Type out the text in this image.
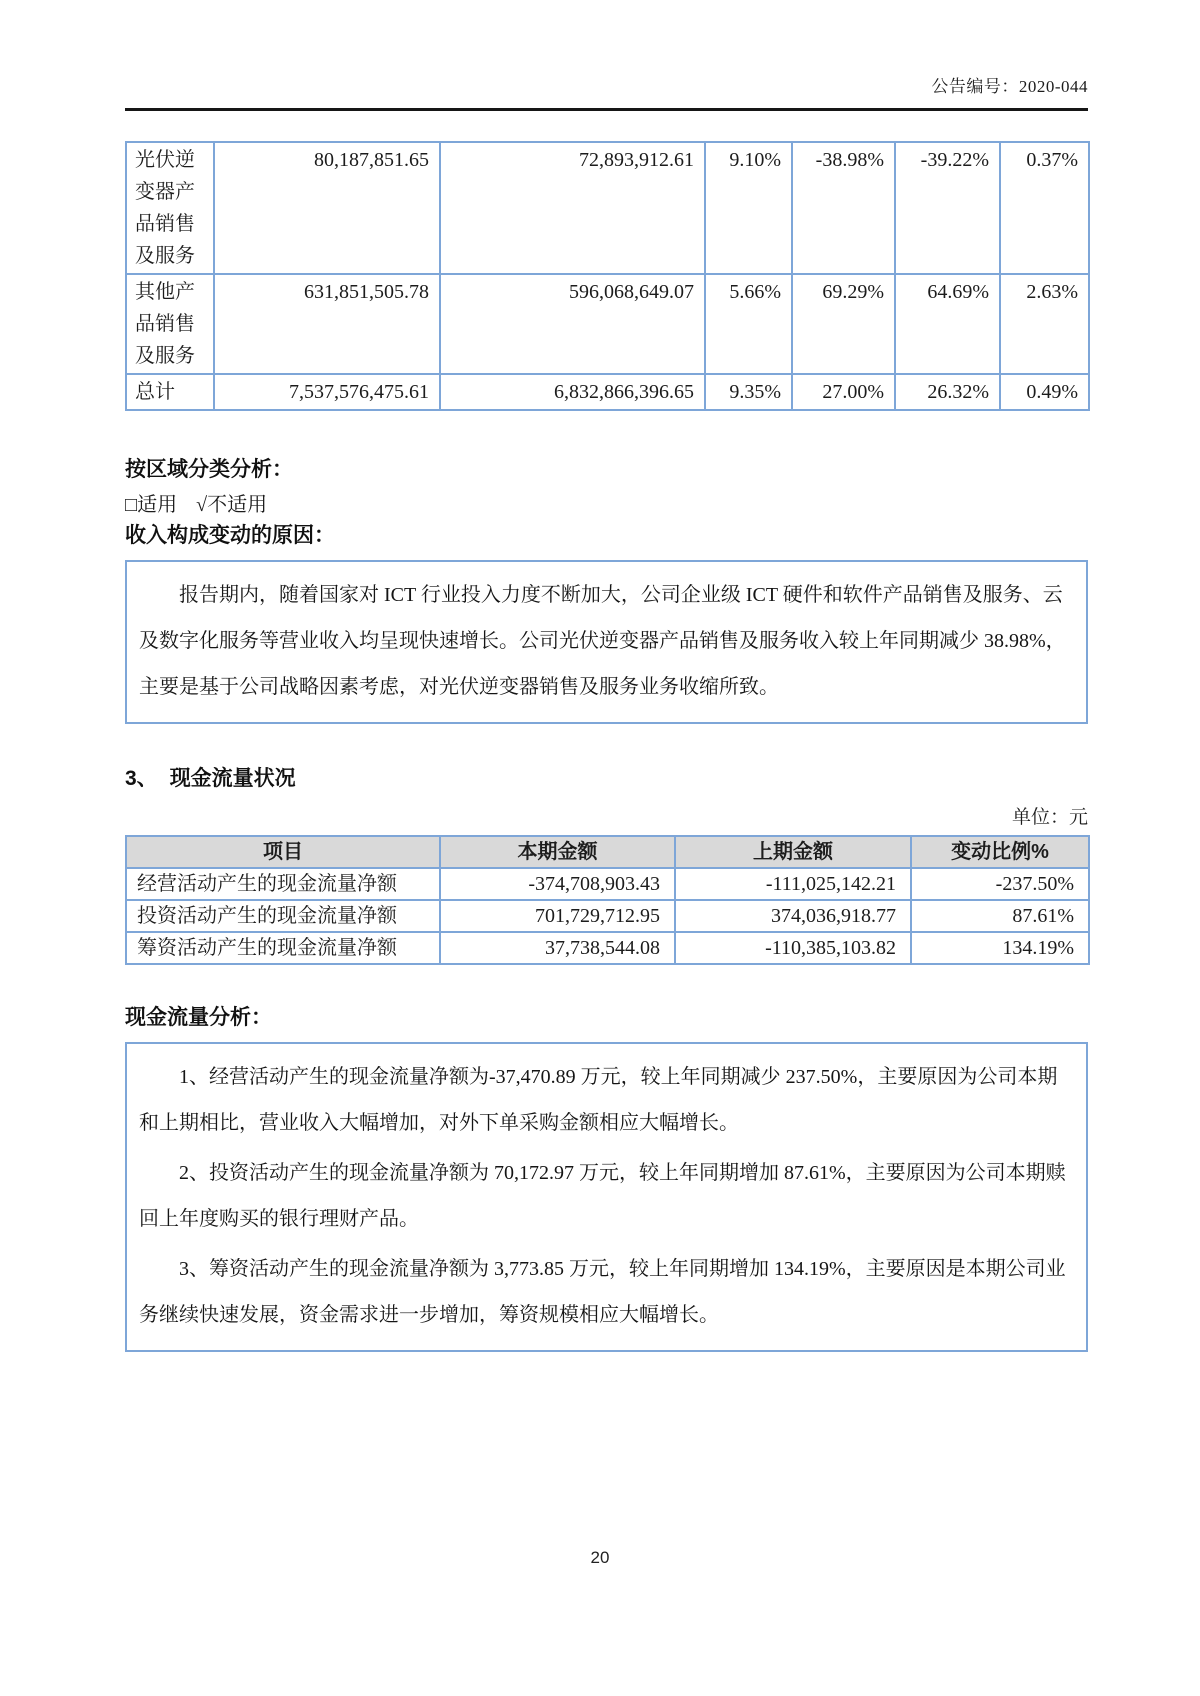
公告编号：2020-044
光伏逆变器产品销售及服务	80,187,851.65	72,893,912.61	9.10%	-38.98%	-39.22%	0.37%
其他产品销售及服务	631,851,505.78	596,068,649.07	5.66%	69.29%	64.69%	2.63%
总计	7,537,576,475.61	6,832,866,396.65	9.35%	27.00%	26.32%	0.49%
按区域分类分析：
□适用 √不适用
收入构成变动的原因：

报告期内，随着国家对 ICT 行业投入力度不断加大，公司企业级 ICT 硬件和软件产品销售及服务、云及数字化服务等营业收入均呈现快速增长。公司光伏逆变器产品销售及服务收入较上年同期减少 38.98%，主要是基于公司战略因素考虑，对光伏逆变器销售及服务业务收缩所致。

3、 现金流量状况
单位：元
项目	本期金额	上期金额	变动比例%
经营活动产生的现金流量净额	-374,708,903.43	-111,025,142.21	-237.50%
投资活动产生的现金流量净额	701,729,712.95	374,036,918.77	87.61%
筹资活动产生的现金流量净额	37,738,544.08	-110,385,103.82	134.19%
现金流量分析：

1、经营活动产生的现金流量净额为-37,470.89 万元，较上年同期减少 237.50%，主要原因为公司本期和上期相比，营业收入大幅增加，对外下单采购金额相应大幅增长。

2、投资活动产生的现金流量净额为 70,172.97 万元，较上年同期增加 87.61%，主要原因为公司本期赎回上年度购买的银行理财产品。

3、筹资活动产生的现金流量净额为 3,773.85 万元，较上年同期增加 134.19%，主要原因是本期公司业务继续快速发展，资金需求进一步增加，筹资规模相应大幅增长。

20
